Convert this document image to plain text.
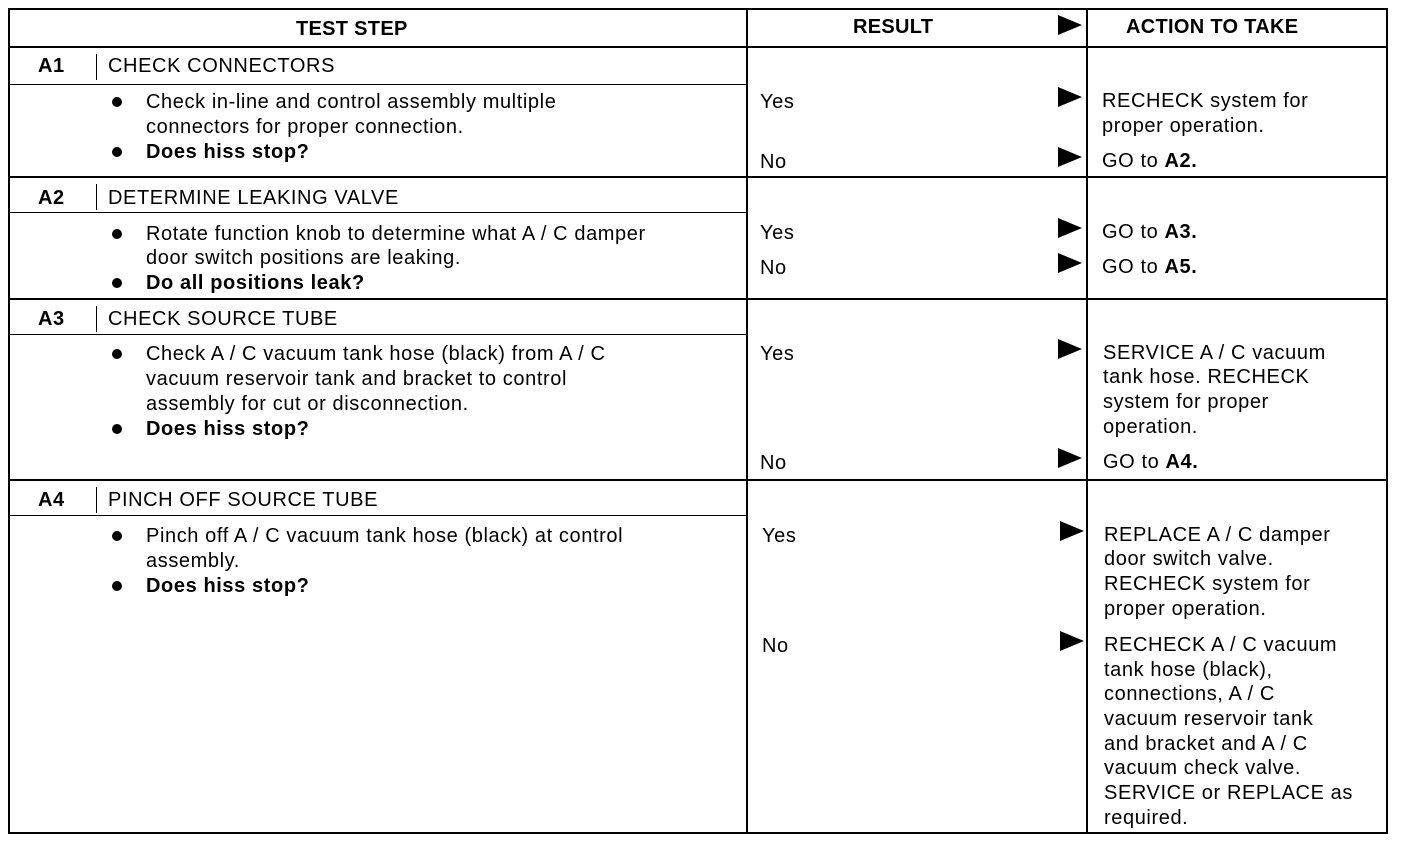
TEST STEP	RESULT	ACTION TO TAKE
A1 CHECK CONNECTORS
Check in-line and control assembly multiple
connectors for proper connection.
Does hiss stop?
Yes	RECHECK system for
proper operation.
No	GO to A2.
A2 DETERMINE LEAKING VALVE
Rotate function knob to determine what A / C damper
door switch positions are leaking.
Do all positions leak?
Yes	GO to A3.
No	GO to A5.
A3 CHECK SOURCE TUBE
Check A / C vacuum tank hose (black) from A / C
vacuum reservoir tank and bracket to control
assembly for cut or disconnection.
Does hiss stop?
Yes	SERVICE A / C vacuum
tank hose. RECHECK
system for proper
operation.
No	GO to A4.
A4 PINCH OFF SOURCE TUBE
Pinch off A / C vacuum tank hose (black) at control
assembly.
Does hiss stop?
Yes	REPLACE A / C damper
door switch valve.
RECHECK system for
proper operation.
No	RECHECK A / C vacuum
tank hose (black),
connections, A / C
vacuum reservoir tank
and bracket and A / C
vacuum check valve.
SERVICE or REPLACE as
required.
